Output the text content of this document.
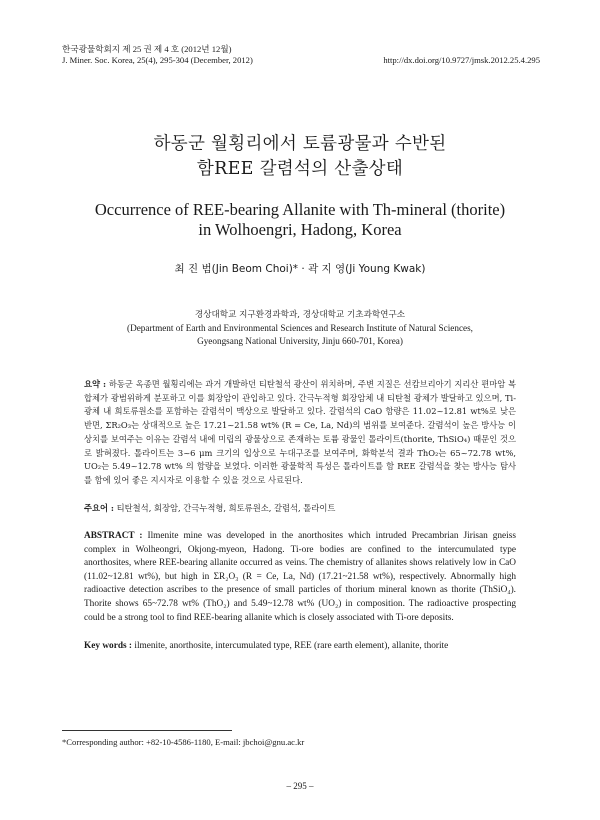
한국광물학회지 제 25 권 제 4 호 (2012년 12월)
J. Miner. Soc. Korea, 25(4), 295-304 (December, 2012)	http://dx.doi.org/10.9727/jmsk.2012.25.4.295
하동군 월횡리에서 토륨광물과 수반된
함REE 갈렴석의 산출상태
Occurrence of REE-bearing Allanite with Th-mineral (thorite)
in Wolhoengri, Hadong, Korea
최 진 범(Jin Beom Choi)* · 곽 지 영(Ji Young Kwak)
경상대학교 지구환경과학과, 경상대학교 기초과학연구소
(Department of Earth and Environmental Sciences and Research Institute of Natural Sciences,
Gyeongsang National University, Jinju 660-701, Korea)
요약 : 하동군 옥종면 월횡리에는 과거 개발하던 티탄철석 광산이 위치하며, 주변 지질은 선캄브리아기 지리산 편마암 복합체가 광범위하게 분포하고 이를 회장암이 관입하고 있다. 간극누적형 회장암체 내 티탄철 광체가 발달하고 있으며, Ti-광체 내 희토류원소를 포함하는 갈렴석이 맥상으로 발달하고 있다. 갈렴석의 CaO 함량은 11.02~12.81 wt%로 낮은 반면, ΣR₂O₃는 상대적으로 높은 17.21~21.58 wt% (R = Ce, La, Nd)의 범위를 보여준다. 갈렴석이 높은 방사능 이상치를 보여주는 이유는 갈렴석 내에 미립의 광물상으로 존재하는 토륨 광물인 톨라이트(thorite, ThSiO₄) 때문인 것으로 밝혀졌다. 톨라이트는 3~6 μm 크기의 입상으로 누대구조를 보여주며, 화학분석 결과 ThO₂는 65~72.78 wt%, UO₂는 5.49~12.78 wt% 의 함량을 보였다. 이러한 광물학적 특성은 톨라이트를 함 REE 갈렴석을 찾는 방사능 탐사를 함에 있어 좋은 지시자로 이용할 수 있을 것으로 사료된다.
주요어 : 티탄철석, 회장암, 간극누적형, 희토류원소, 갈렴석, 톨라이트
ABSTRACT : Ilmenite mine was developed in the anorthosites which intruded Precambrian Jirisan gneiss complex in Wolheongri, Okjong-myeon, Hadong. Ti-ore bodies are confined to the intercumulated type anorthosites, where REE-bearing allanite occurred as veins. The chemistry of allanites shows relatively low in CaO (11.02~12.81 wt%), but high in ΣR₂O₃ (R = Ce, La, Nd) (17.21~21.58 wt%), respectively. Abnormally high radioactive detection ascribes to the presence of small particles of thorium mineral known as thorite (ThSiO₄). Thorite shows 65~72.78 wt% (ThO₂) and 5.49~12.78 wt% (UO₂) in composition. The radioactive prospecting could be a strong tool to find REE-bearing allanite which is closely associated with Ti-ore deposits.
Key words : ilmenite, anorthosite, intercumulated type, REE (rare earth element), allanite, thorite
*Corresponding author: +82-10-4586-1180, E-mail: jbchoi@gnu.ac.kr
– 295 –
